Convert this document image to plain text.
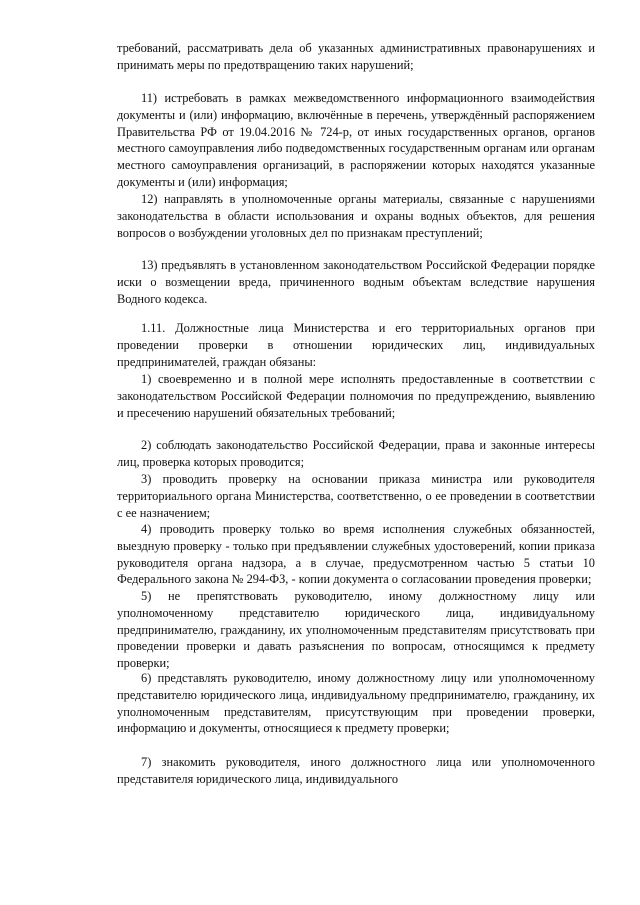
требований, рассматривать дела об указанных административных правонарушениях и принимать меры по предотвращению таких нарушений;

11) истребовать в рамках межведомственного информационного взаимодействия документы и (или) информацию, включённые в перечень, утверждённый распоряжением Правительства РФ от 19.04.2016 № 724-р, от иных государственных органов, органов местного самоуправления либо подведомственных государственным органам или органам местного самоуправления организаций, в распоряжении которых находятся указанные документы и (или) информация;

12) направлять в уполномоченные органы материалы, связанные с нарушениями законодательства в области использования и охраны водных объектов, для решения вопросов о возбуждении уголовных дел по признакам преступлений;

13) предъявлять в установленном законодательством Российской Федерации порядке иски о возмещении вреда, причиненного водным объектам вследствие нарушения Водного кодекса.

1.11. Должностные лица Министерства и его территориальных органов при проведении проверки в отношении юридических лиц, индивидуальных предпринимателей, граждан обязаны:

1) своевременно и в полной мере исполнять предоставленные в соответствии с законодательством Российской Федерации полномочия по предупреждению, выявлению и пресечению нарушений обязательных требований;

2) соблюдать законодательство Российской Федерации, права и законные интересы лиц, проверка которых проводится;

3) проводить проверку на основании приказа министра или руководителя территориального органа Министерства, соответственно, о ее проведении в соответствии с ее назначением;

4) проводить проверку только во время исполнения служебных обязанностей, выездную проверку - только при предъявлении служебных удостоверений, копии приказа руководителя органа надзора, а в случае, предусмотренном частью 5 статьи 10 Федерального закона № 294-ФЗ, - копии документа о согласовании проведения проверки;

5) не препятствовать руководителю, иному должностному лицу или уполномоченному представителю юридического лица, индивидуальному предпринимателю, гражданину, их уполномоченным представителям присутствовать при проведении проверки и давать разъяснения по вопросам, относящимся к предмету проверки;

6) представлять руководителю, иному должностному лицу или уполномоченному представителю юридического лица, индивидуальному предпринимателю, гражданину, их уполномоченным представителям, присутствующим при проведении проверки, информацию и документы, относящиеся к предмету проверки;

7) знакомить руководителя, иного должностного лица или уполномоченного представителя юридического лица, индивидуального
